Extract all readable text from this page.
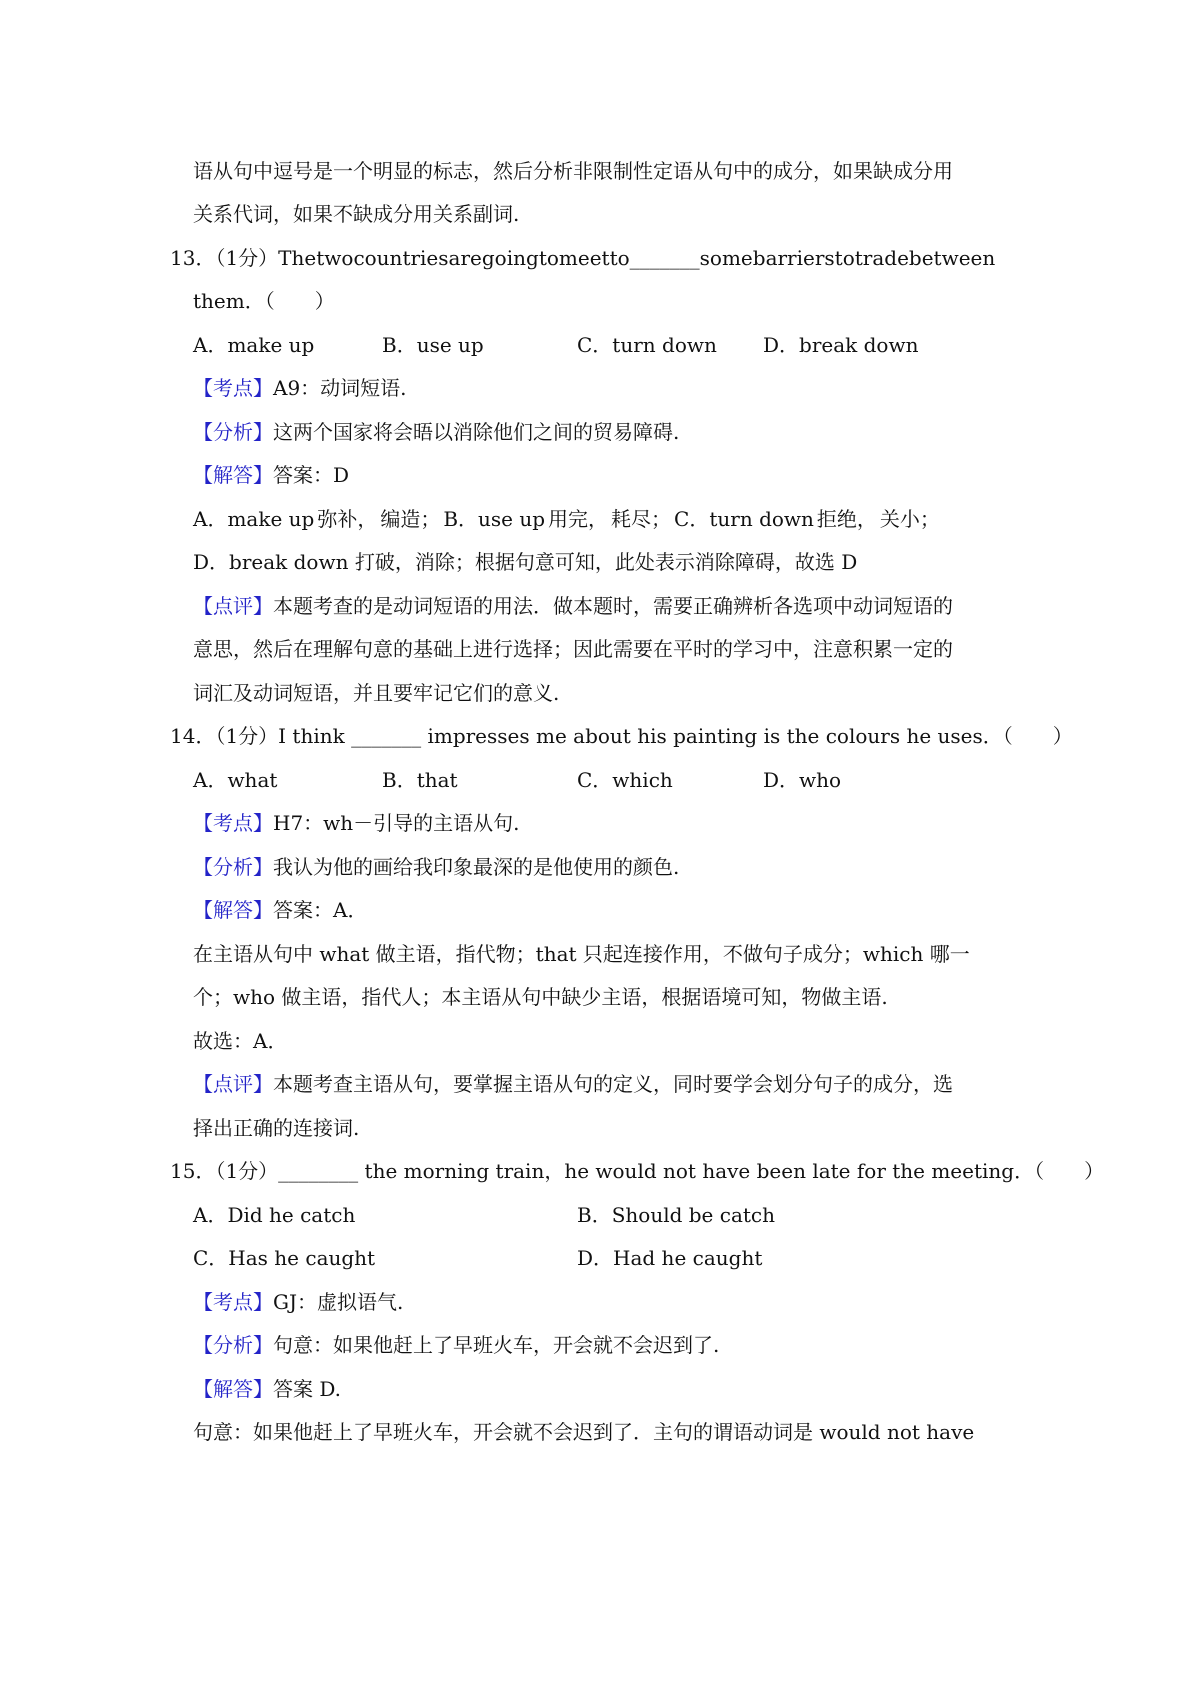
语从句中逗号是一个明显的标志，然后分析非限制性定语从句中的成分，如果缺成分用
关系代词，如果不缺成分用关系副词.
13．（1分）The two countries are going to meet to _______ some barriers to trade between
them．（　　）
A．make up	B．use up	C．turn down D．break down
【考点】A9：动词短语.
【分析】这两个国家将会晤以消除他们之间的贸易障碍.
【解答】答案：D
A．make up 弥补， 编造； B．use up 用完， 耗尽； C．turn down 拒绝， 关小；
D．break down 打破，消除；根据句意可知，此处表示消除障碍，故选 D
【点评】本题考查的是动词短语的用法．做本题时，需要正确辨析各选项中动词短语的
意思，然后在理解句意的基础上进行选择；因此需要在平时的学习中，注意积累一定的
词汇及动词短语，并且要牢记它们的意义.
14．（1分）I think _______ impresses me about his painting is the colours he uses．（　　）
A．what	B．that	C．which	D．who
【考点】H7：wh－引导的主语从句.
【分析】我认为他的画给我印象最深的是他使用的颜色.
【解答】答案：A．
在主语从句中 what 做主语，指代物；that 只起连接作用，不做句子成分；which 哪一
个；who 做主语，指代人；本主语从句中缺少主语，根据语境可知，物做主语.
故选：A．
【点评】本题考查主语从句，要掌握主语从句的定义，同时要学会划分句子的成分，选
择出正确的连接词.
15．（1分）________ the morning train，he would not have been late for the meeting．（　　）
A．Did he catch	B．Should be catch
C．Has he caught	D．Had he caught
【考点】GJ：虚拟语气.
【分析】句意：如果他赶上了早班火车，开会就不会迟到了.
【解答】答案 D.
句意：如果他赶上了早班火车，开会就不会迟到了．主句的谓语动词是 would not have
